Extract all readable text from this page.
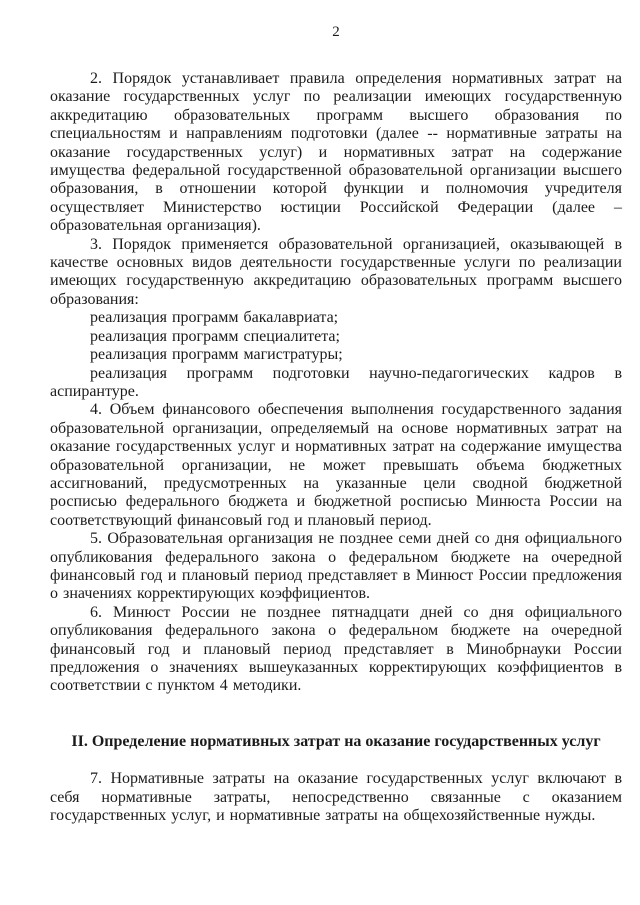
2

2. Порядок устанавливает правила определения нормативных затрат на оказание государственных услуг по реализации имеющих государственную аккредитацию образовательных программ высшего образования по специальностям и направлениям подготовки (далее -- нормативные затраты на оказание государственных услуг) и нормативных затрат на содержание имущества федеральной государственной образовательной организации высшего образования, в отношении которой функции и полномочия учредителя осуществляет Министерство юстиции Российской Федерации (далее – образовательная организация).

3. Порядок применяется образовательной организацией, оказывающей в качестве основных видов деятельности государственные услуги по реализации имеющих государственную аккредитацию образовательных программ высшего образования:

реализация программ бакалавриата;

реализация программ специалитета;

реализация программ магистратуры;

реализация программ подготовки научно-педагогических кадров в аспирантуре.

4. Объем финансового обеспечения выполнения государственного задания образовательной организации, определяемый на основе нормативных затрат на оказание государственных услуг и нормативных затрат на содержание имущества образовательной организации, не может превышать объема бюджетных ассигнований, предусмотренных на указанные цели сводной бюджетной росписью федерального бюджета и бюджетной росписью Минюста России на соответствующий финансовый год и плановый период.

5. Образовательная организация не позднее семи дней со дня официального опубликования федерального закона о федеральном бюджете на очередной финансовый год и плановый период представляет в Минюст России предложения о значениях корректирующих коэффициентов.

6. Минюст России не позднее пятнадцати дней со дня официального опубликования федерального закона о федеральном бюджете на очередной финансовый год и плановый период представляет в Минобрнауки России предложения о значениях вышеуказанных корректирующих коэффициентов в соответствии с пунктом 4 методики.

II. Определение нормативных затрат на оказание государственных услуг

7. Нормативные затраты на оказание государственных услуг включают в себя нормативные затраты, непосредственно связанные с оказанием государственных услуг, и нормативные затраты на общехозяйственные нужды.
